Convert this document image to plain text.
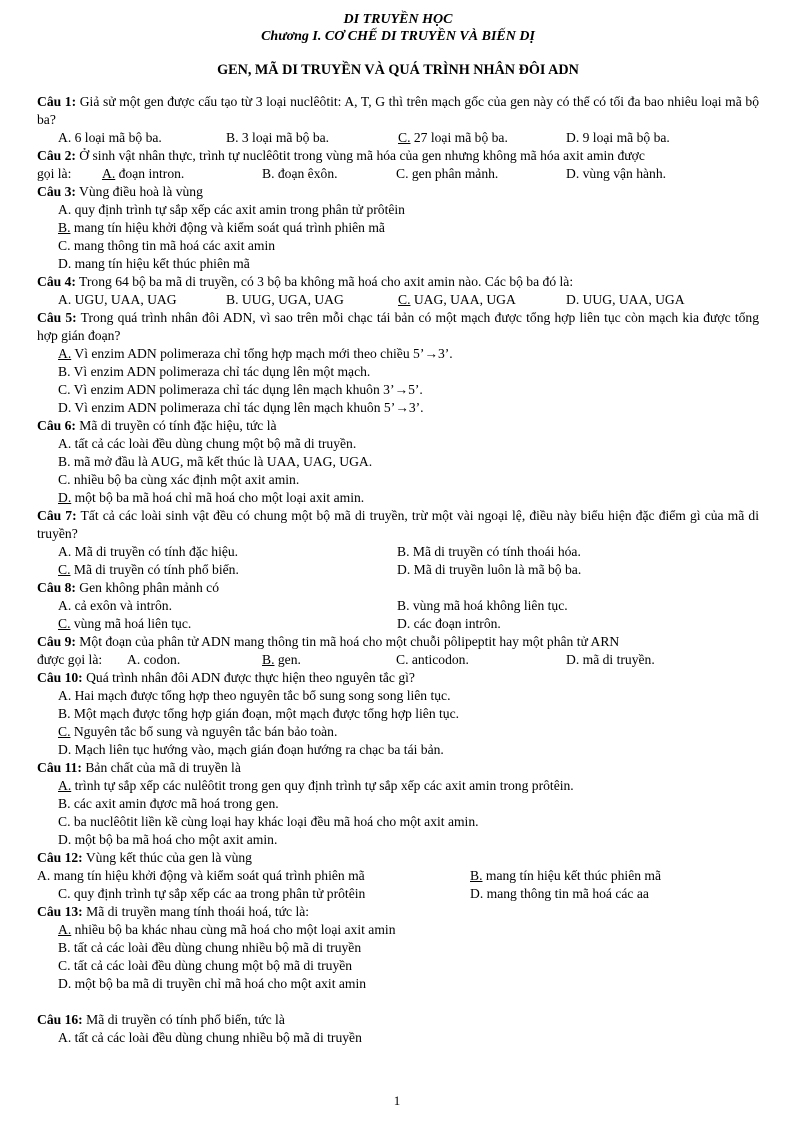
DI TRUYỀN HỌC
Chương I. CƠ CHẾ DI TRUYỀN VÀ BIẾN DỊ
GEN, MÃ DI TRUYỀN VÀ QUÁ TRÌNH NHÂN ĐÔI ADN
Câu 1: Giả sử một gen được cấu tạo từ 3 loại nuclêôtit: A, T, G thì trên mạch gốc của gen này có thể có tối đa bao nhiêu loại mã bộ ba?
A. 6 loại mã bộ ba.	B. 3 loại mã bộ ba.	C. 27 loại mã bộ ba.	D. 9 loại mã bộ ba.
Câu 2: Ở sinh vật nhân thực, trình tự nuclêôtit trong vùng mã hóa của gen nhưng không mã hóa axit amin được
gọi là:	A. đoạn intron.	B. đoạn êxôn.	C. gen phân mảnh.	D. vùng vận hành.
Câu 3: Vùng điều hoà là vùng
A. quy định trình tự sắp xếp các axit amin trong phân tử prôtêin
B. mang tín hiệu khởi động và kiểm soát quá trình phiên mã
C. mang thông tin mã hoá các axit amin
D. mang tín hiệu kết thúc phiên mã
Câu 4: Trong 64 bộ ba mã di truyền, có 3 bộ ba không mã hoá cho axit amin nào. Các bộ ba đó là:
A. UGU, UAA, UAG	B. UUG, UGA, UAG	C. UAG, UAA, UGA	D. UUG, UAA, UGA
Câu 5: Trong quá trình nhân đôi ADN, vì sao trên mỗi chạc tái bản có một mạch được tổng hợp liên tục còn mạch kia được tổng hợp gián đoạn?
A. Vì enzim ADN polimeraza chỉ tổng hợp mạch mới theo chiều 5’→3’.
B. Vì enzim ADN polimeraza chỉ tác dụng lên một mạch.
C. Vì enzim ADN polimeraza chỉ tác dụng lên mạch khuôn 3’→5’.
D. Vì enzim ADN polimeraza chỉ tác dụng lên mạch khuôn 5’→3’.
Câu 6: Mã di truyền có tính đặc hiệu, tức là
A. tất cả các loài đều dùng chung một bộ mã di truyền.
B. mã mở đầu là AUG, mã kết thúc là UAA, UAG, UGA.
C. nhiều bộ ba cùng xác định một axit amin.
D. một bộ ba mã hoá chỉ mã hoá cho một loại axit amin.
Câu 7: Tất cả các loài sinh vật đều có chung một bộ mã di truyền, trừ một vài ngoại lệ, điều này biểu hiện đặc điểm gì của mã di truyền?
A. Mã di truyền có tính đặc hiệu.	B. Mã di truyền có tính thoái hóa.
C. Mã di truyền có tính phổ biến.	D. Mã di truyền luôn là mã bộ ba.
Câu 8: Gen không phân mảnh có
A. cả exôn và intrôn.	B. vùng mã hoá không liên tục.
C. vùng mã hoá liên tục.	D. các đoạn intrôn.
Câu 9: Một đoạn của phân tử ADN mang thông tin mã hoá cho một chuỗi pôlipeptit hay một phân tử ARN
được gọi là:	A. codon.	B. gen.	C. anticodon.	D. mã di truyền.
Câu 10: Quá trình nhân đôi ADN được thực hiện theo nguyên tắc gì?
A. Hai mạch được tổng hợp theo nguyên tắc bổ sung song song liên tục.
B. Một mạch được tổng hợp gián đoạn, một mạch được tổng hợp liên tục.
C. Nguyên tắc bổ sung và nguyên tắc bán bảo toàn.
D. Mạch liên tục hướng vào, mạch gián đoạn hướng ra chạc ba tái bản.
Câu 11: Bản chất của mã di truyền là
A. trình tự sắp xếp các nulêôtit trong gen quy định trình tự sắp xếp các axit amin trong prôtêin.
B. các axit amin đựơc mã hoá trong gen.
C. ba nuclêôtit liền kề cùng loại hay khác loại đều mã hoá cho một axit amin.
D. một bộ ba mã hoá cho một axit amin.
Câu 12: Vùng kết thúc của gen là vùng
A. mang tín hiệu khởi động và kiểm soát quá trình phiên mã	B. mang tín hiệu kết thúc phiên mã
C. quy định trình tự sắp xếp các aa trong phân tử prôtêin	D. mang thông tin mã hoá các aa
Câu 13: Mã di truyền mang tính thoái hoá, tức là:
A. nhiều bộ ba khác nhau cùng mã hoá cho một loại axit amin
B. tất cả các loài đều dùng chung nhiều bộ mã di truyền
C. tất cả các loài đều dùng chung một bộ mã di truyền
D. một bộ ba mã di truyền chỉ mã hoá cho một axit amin
Câu 16: Mã di truyền có tính phổ biến, tức là
A. tất cả các loài đều dùng chung nhiều bộ mã di truyền
1
